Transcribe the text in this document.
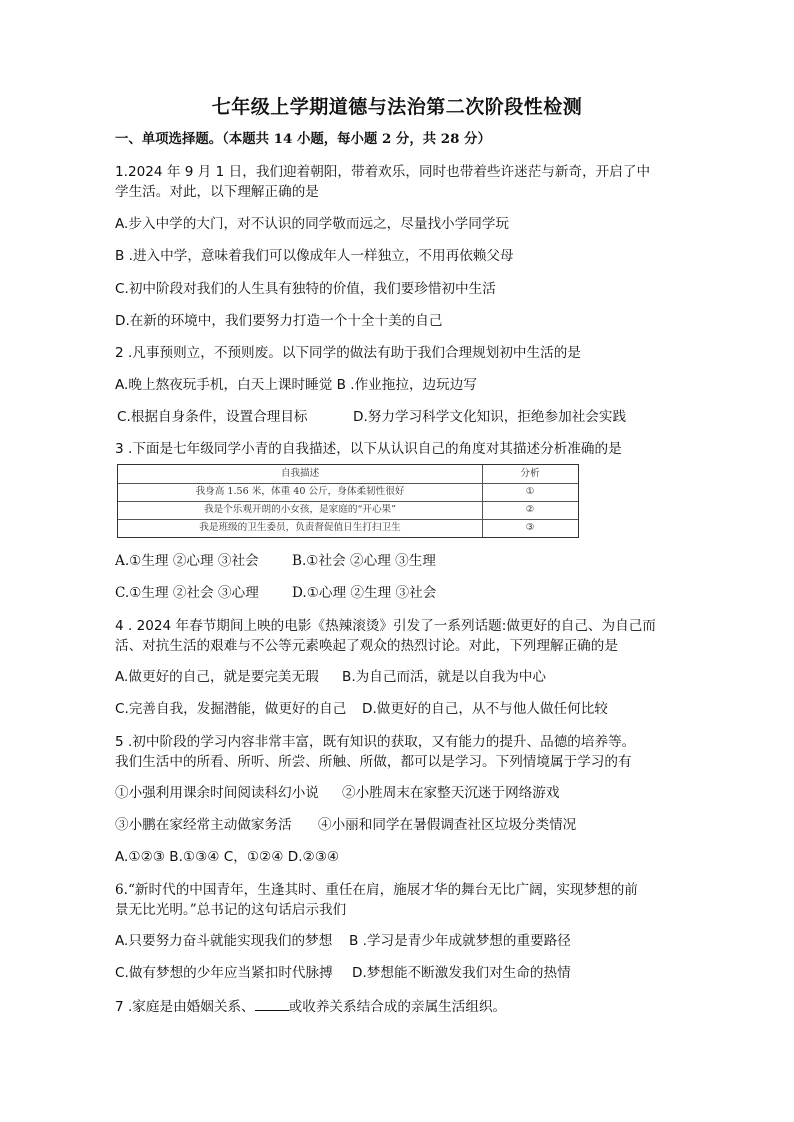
七年级上学期道德与法治第二次阶段性检测
一、单项选择题。（本题共 14 小题，每小题 2 分，共 28 分）
1.2024 年 9 月 1 日，我们迎着朝阳，带着欢乐，同时也带着些许迷茫与新奇，开启了中
学生活。对此，以下理解正确的是
A.步入中学的大门，对不认识的同学敬而远之，尽量找小学同学玩
B .进入中学，意味着我们可以像成年人一样独立，不用再依赖父母
C.初中阶段对我们的人生具有独特的价值，我们要珍惜初中生活
D.在新的环境中，我们要努力打造一个十全十美的自己
2 .凡事预则立，不预则废。以下同学的做法有助于我们合理规划初中生活的是
A.晚上熬夜玩手机，白天上课时睡觉 B .作业拖拉，边玩边写
C.根据自身条件，设置合理目标	D.努力学习科学文化知识，拒绝参加社会实践
3 .下面是七年级同学小青的自我描述，以下从认识自己的角度对其描述分析准确的是
自我描述	分析
我身高 1.56 米，体重 40 公斤，身体柔韧性很好	①
我是个乐观开朗的小女孩，是家庭的“开心果”	②
我是班级的卫生委员，负责督促值日生打扫卫生	③
A.①生理 ②心理 ③社会 B.①社会 ②心理 ③生理
C.①生理 ②社会 ③心理 D.①心理 ②生理 ③社会
4 . 2024 年春节期间上映的电影《热辣滚烫》引发了一系列话题:做更好的自己、为自己而
活、对抗生活的艰难与不公等元素唤起了观众的热烈讨论。对此，下列理解正确的是
A.做更好的自己，就是要完美无瑕 B.为自己而活，就是以自我为中心
C.完善自我，发掘潜能，做更好的自己 D.做更好的自己，从不与他人做任何比较
5 .初中阶段的学习内容非常丰富，既有知识的获取，又有能力的提升、品德的培养等。
我们生活中的所看、所听、所尝、所触、所做，都可以是学习。下列情境属于学习的有
①小强利用课余时间阅读科幻小说 ②小胜周末在家整天沉迷于网络游戏
③小鹏在家经常主动做家务活 ④小丽和同学在暑假调查社区垃圾分类情况
A.①②③ B.①③④ C，①②④ D.②③④
6.“新时代的中国青年，生逢其时、重任在肩，施展才华的舞台无比广阔，实现梦想的前
景无比光明。”总书记的这句话启示我们
A.只要努力奋斗就能实现我们的梦想 B .学习是青少年成就梦想的重要路径
C.做有梦想的少年应当紧扣时代脉搏 D.梦想能不断激发我们对生命的热情
7 .家庭是由婚姻关系、	或收养关系结合成的亲属生活组织。
